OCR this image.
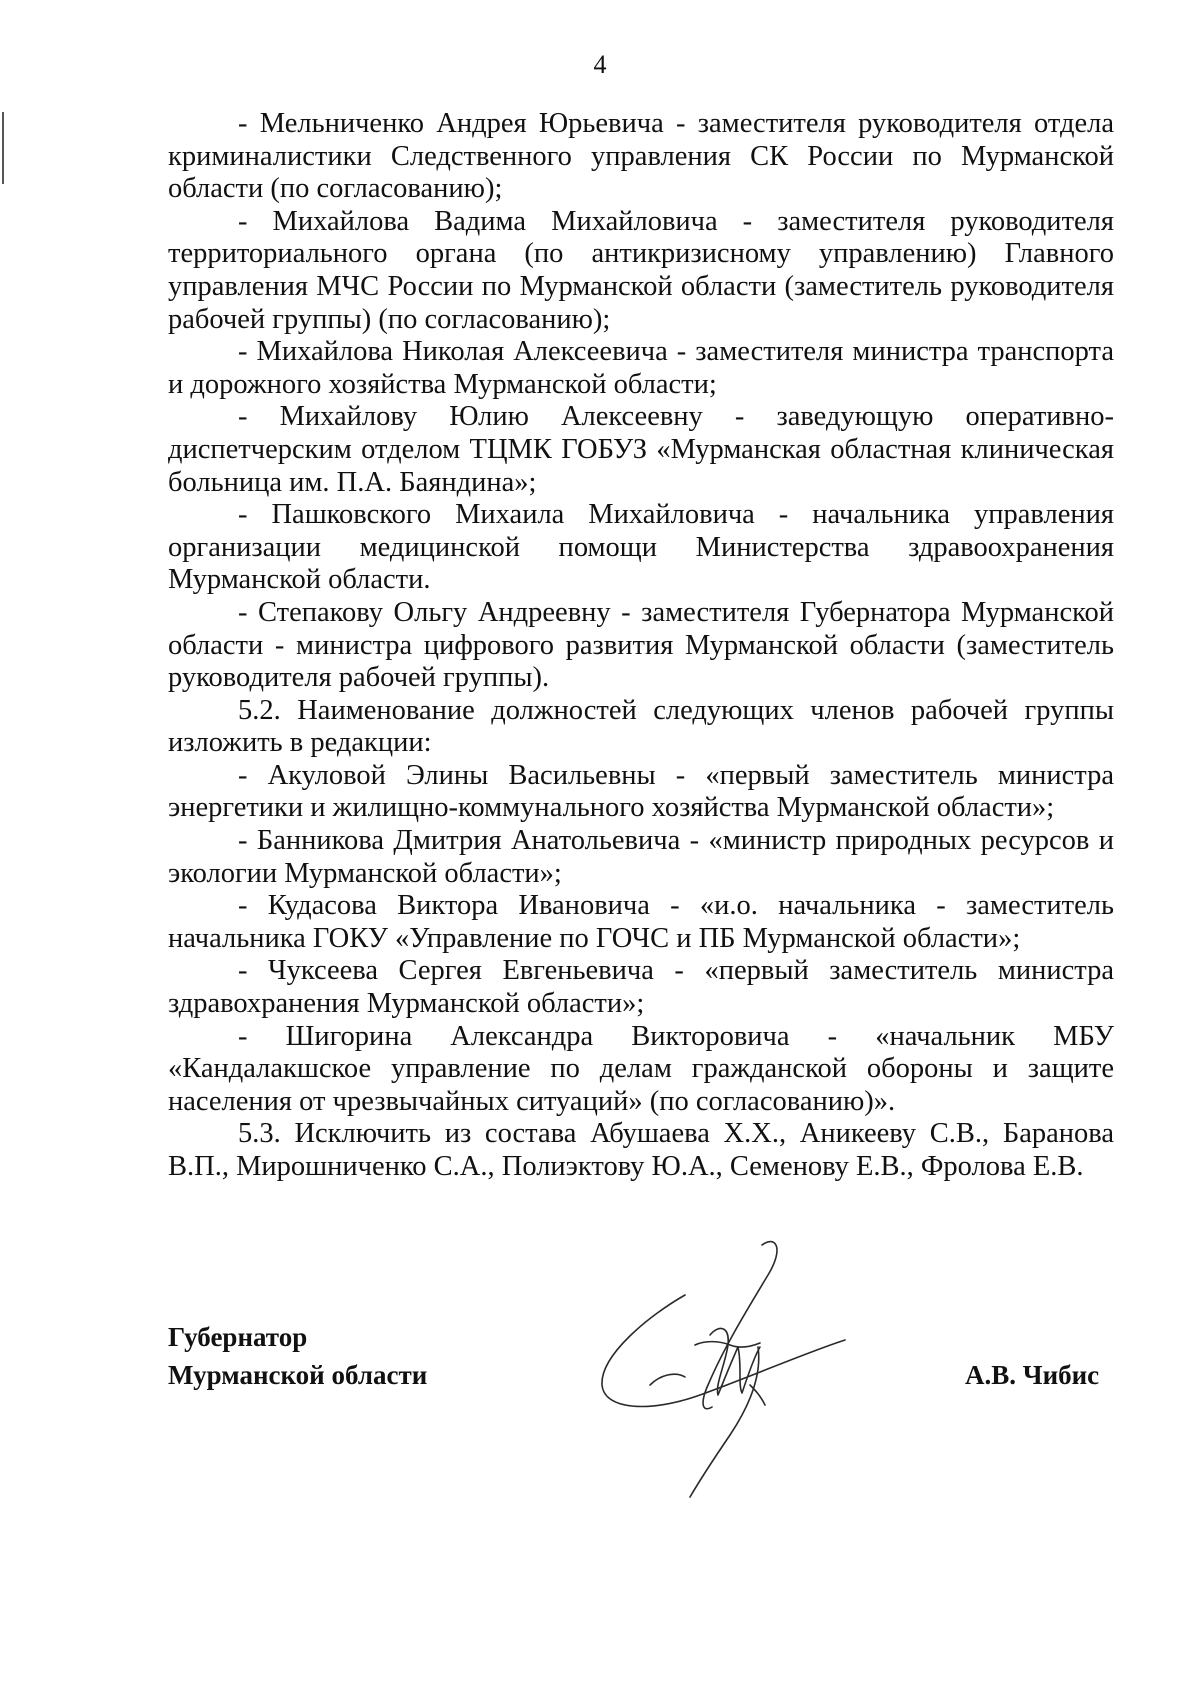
4

- Мельниченко Андрея Юрьевича - заместителя руководителя отдела криминалистики Следственного управления СК России по Мурманской области (по согласованию);

- Михайлова Вадима Михайловича - заместителя руководителя территориального органа (по антикризисному управлению) Главного управления МЧС России по Мурманской области (заместитель руководителя рабочей группы) (по согласованию);

- Михайлова Николая Алексеевича - заместителя министра транспорта и дорожного хозяйства Мурманской области;

- Михайлову Юлию Алексеевну - заведующую оперативно-диспетчерским отделом ТЦМК ГОБУЗ «Мурманская областная клиническая больница им. П.А. Баяндина»;

- Пашковского Михаила Михайловича - начальника управления организации медицинской помощи Министерства здравоохранения Мурманской области.

- Степакову Ольгу Андреевну - заместителя Губернатора Мурманской области - министра цифрового развития Мурманской области (заместитель руководителя рабочей группы).

5.2. Наименование должностей следующих членов рабочей группы изложить в редакции:

- Акуловой Элины Васильевны - «первый заместитель министра энергетики и жилищно-коммунального хозяйства Мурманской области»;

- Банникова Дмитрия Анатольевича - «министр природных ресурсов и экологии Мурманской области»;

- Кудасова Виктора Ивановича - «и.о. начальника - заместитель начальника ГОКУ «Управление по ГОЧС и ПБ Мурманской области»;

- Чуксеева Сергея Евгеньевича - «первый заместитель министра здравохранения Мурманской области»;

- Шигорина Александра Викторовича - «начальник МБУ «Кандалакшское управление по делам гражданской обороны и защите населения от чрезвычайных ситуаций» (по согласованию)».

5.3. Исключить из состава Абушаева Х.Х., Аникееву С.В., Баранова В.П., Мирошниченко С.А., Полиэктову Ю.А., Семенову Е.В., Фролова Е.В.

Губернатор
Мурманской области	А.В. Чибис
